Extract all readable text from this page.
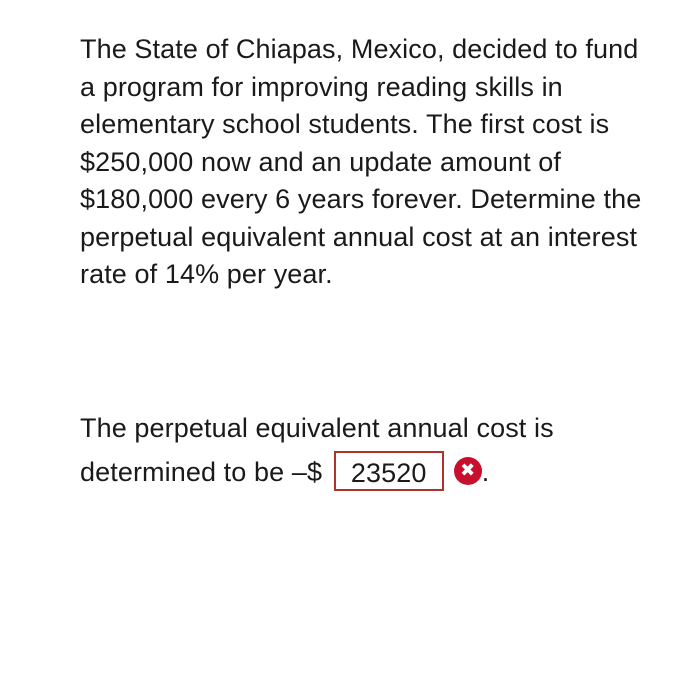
The State of Chiapas, Mexico, decided to fund a program for improving reading skills in elementary school students. The first cost is $250,000 now and an update amount of $180,000 every 6 years forever. Determine the perpetual equivalent annual cost at an interest rate of 14% per year.

The perpetual equivalent annual cost is determined to be –$ 23520 ✖ .
